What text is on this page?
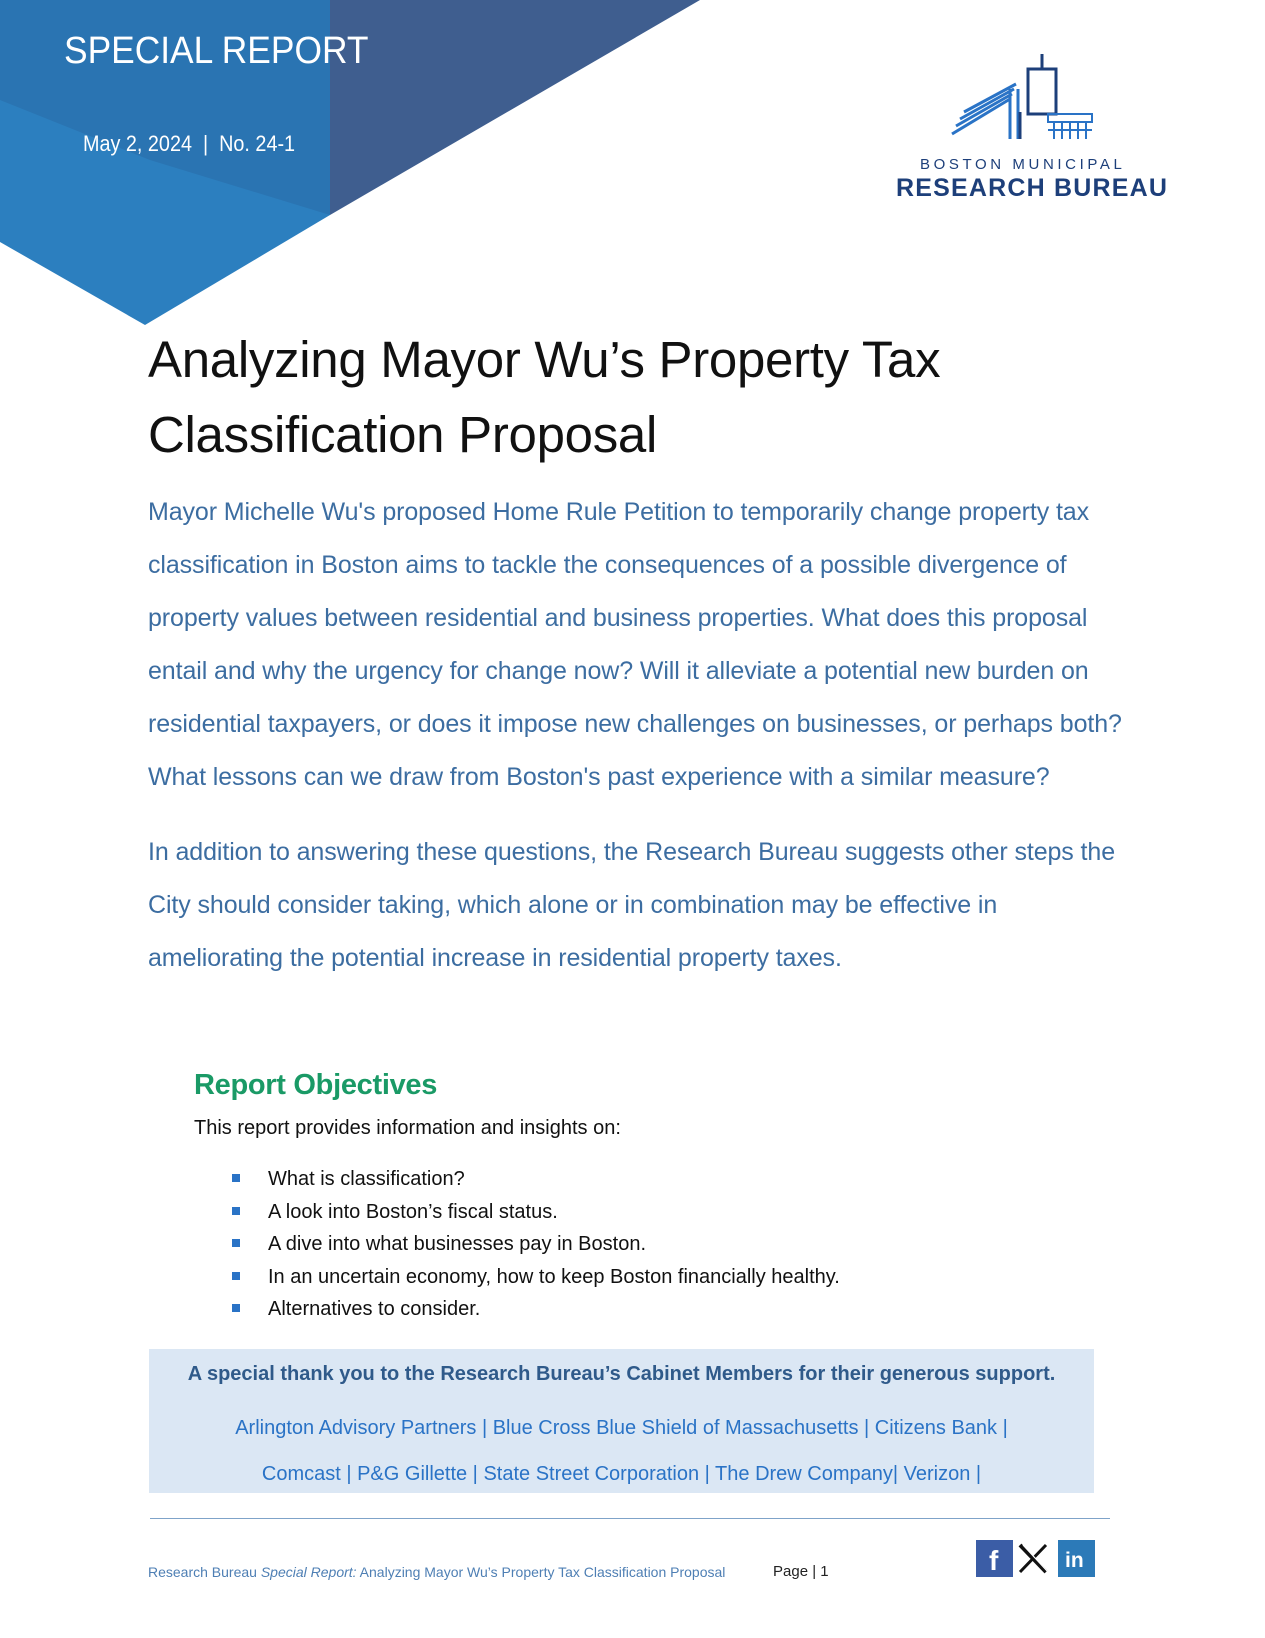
SPECIAL REPORT
May 2, 2024  |  No. 24-1
BOSTON MUNICIPAL
RESEARCH BUREAU
Analyzing Mayor Wu’s Property Tax
Classification Proposal

Mayor Michelle Wu's proposed Home Rule Petition to temporarily change property tax classification in Boston aims to tackle the consequences of a possible divergence of property values between residential and business properties. What does this proposal entail and why the urgency for change now? Will it alleviate a potential new burden on residential taxpayers, or does it impose new challenges on businesses, or perhaps both? What lessons can we draw from Boston's past experience with a similar measure?

In addition to answering these questions, the Research Bureau suggests other steps the City should consider taking, which alone or in combination may be effective in ameliorating the potential increase in residential property taxes.

Report Objectives
This report provides information and insights on:
What is classification?
A look into Boston’s fiscal status.
A dive into what businesses pay in Boston.
In an uncertain economy, how to keep Boston financially healthy.
Alternatives to consider.
A special thank you to the Research Bureau’s Cabinet Members for their generous support.
Arlington Advisory Partners | Blue Cross Blue Shield of Massachusetts | Citizens Bank |
Comcast | P&G Gillette | State Street Corporation | The Drew Company| Verizon |
Research Bureau Special Report: Analyzing Mayor Wu’s Property Tax Classification Proposal	Page | 1	f	in
